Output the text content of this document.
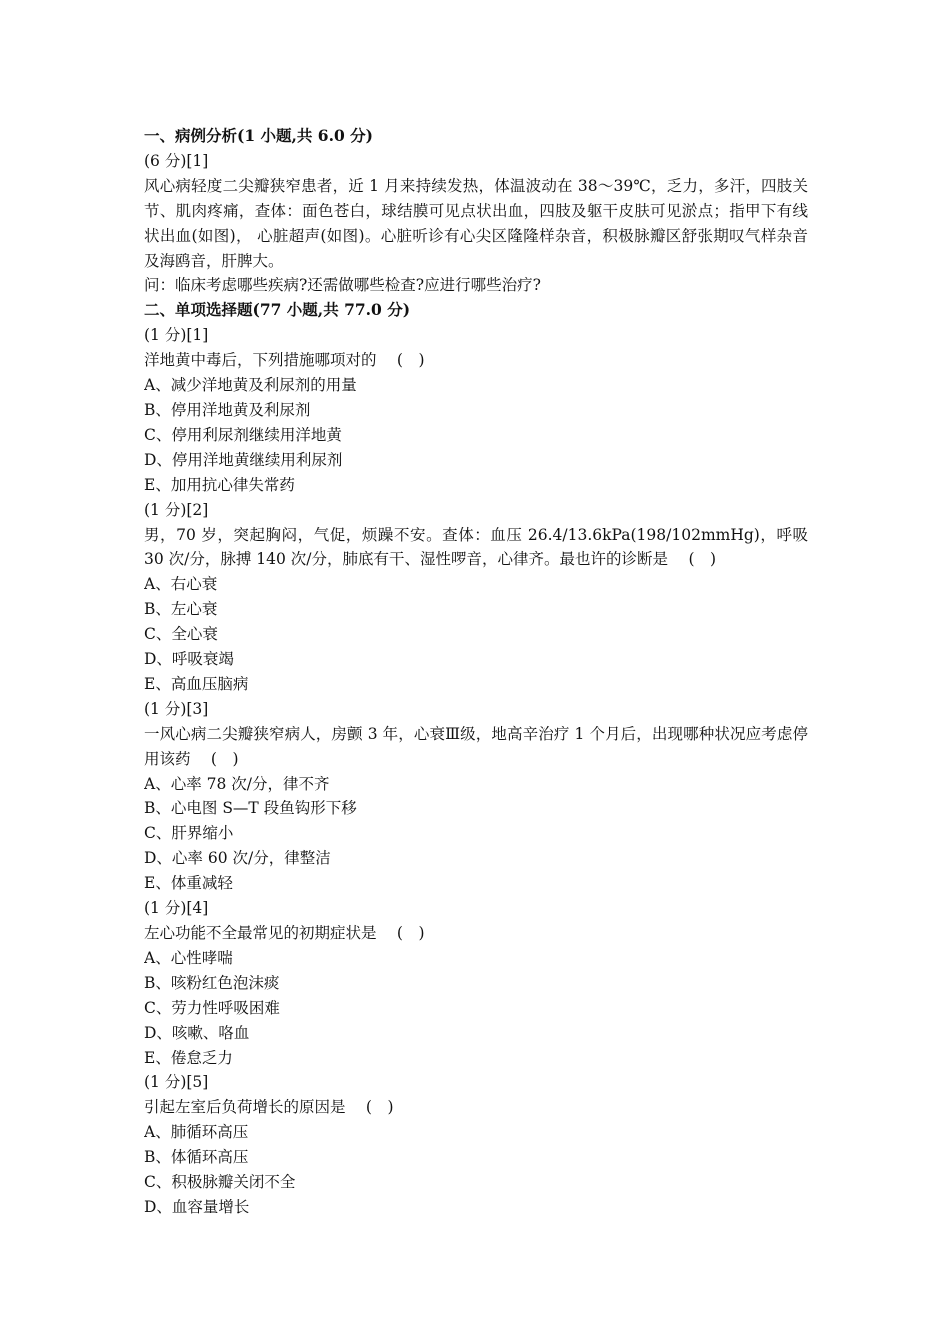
一、病例分析(1 小题,共 6.0 分)
(6 分)[1]
风心病轻度二尖瓣狭窄患者，近 1 月来持续发热，体温波动在 38～39℃，乏力，多汗，四肢关节、肌肉疼痛，查体：面色苍白，球结膜可见点状出血，四肢及躯干皮肤可见淤点；指甲下有线状出血(如图)， 心脏超声(如图)。心脏听诊有心尖区隆隆样杂音，积极脉瓣区舒张期叹气样杂音及海鸥音，肝脾大。
问：临床考虑哪些疾病?还需做哪些检查?应进行哪些治疗?
二、单项选择题(77 小题,共 77.0 分)
(1 分)[1]
洋地黄中毒后，下列措施哪项对的　 (　)
A、减少洋地黄及利尿剂的用量
B、停用洋地黄及利尿剂
C、停用利尿剂继续用洋地黄
D、停用洋地黄继续用利尿剂
E、加用抗心律失常药
(1 分)[2]
男，70 岁，突起胸闷，气促，烦躁不安。查体：血压 26.4/13.6kPa(198/102mmHg)，呼吸 30 次/分，脉搏 140 次/分，肺底有干、湿性啰音，心律齐。最也许的诊断是　 (　)
A、右心衰
B、左心衰
C、全心衰
D、呼吸衰竭
E、高血压脑病
(1 分)[3]
一风心病二尖瓣狭窄病人，房颤 3 年，心衰Ⅲ级，地高辛治疗 1 个月后，出现哪种状况应考虑停用该药　 (　)
A、心率 78 次/分，律不齐
B、心电图 S—T 段鱼钩形下移
C、肝界缩小
D、心率 60 次/分，律整洁
E、体重减轻
(1 分)[4]
左心功能不全最常见的初期症状是　 (　)
A、心性哮喘
B、咳粉红色泡沫痰
C、劳力性呼吸困难
D、咳嗽、咯血
E、倦怠乏力
(1 分)[5]
引起左室后负荷增长的原因是　 (　)
A、肺循环高压
B、体循环高压
C、积极脉瓣关闭不全
D、血容量增长
